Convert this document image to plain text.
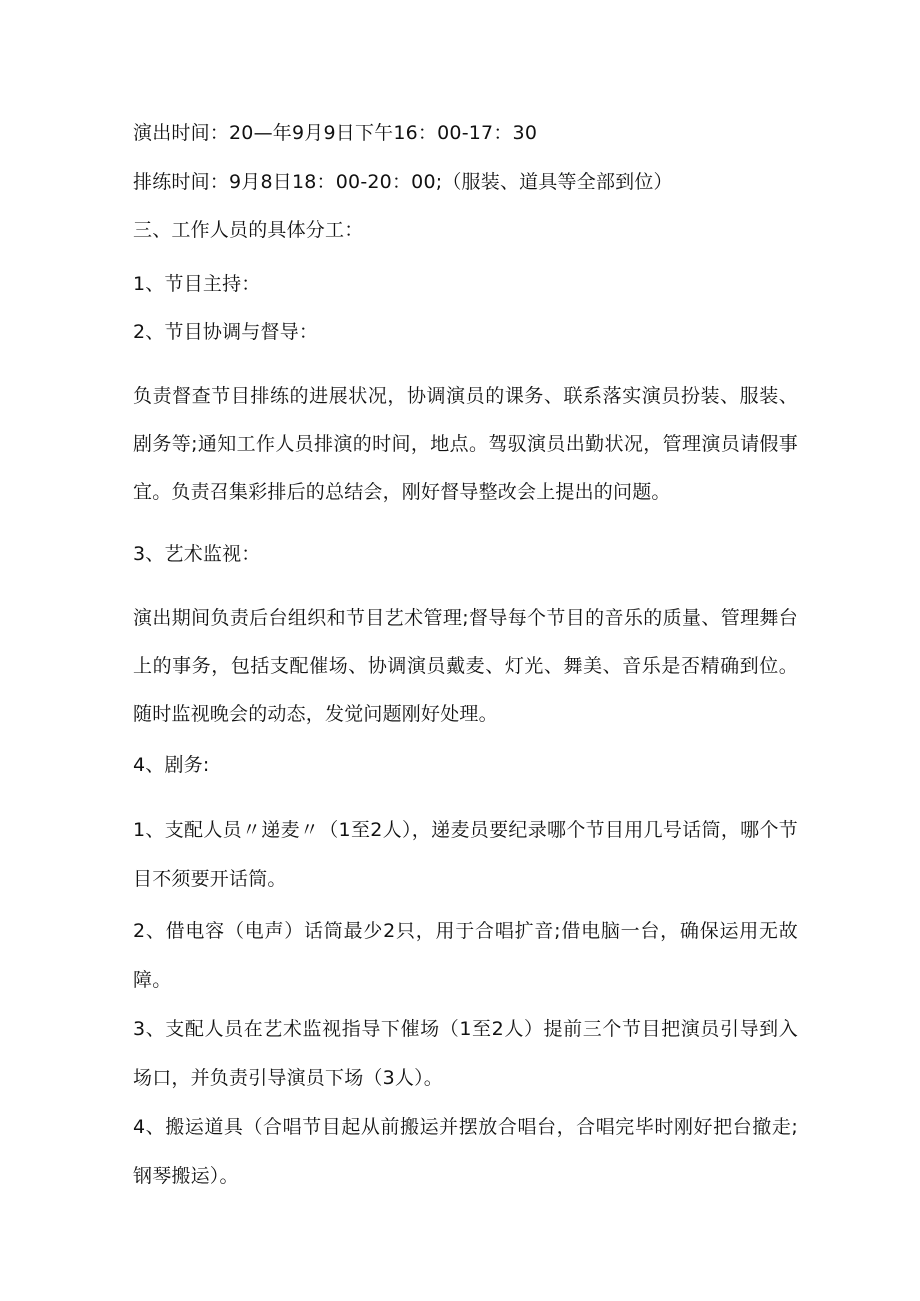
演出时间：20—年9月9日下午16：00-17：30
排练时间：9月8日18：00-20：00;（服装、道具等全部到位）
三、工作人员的具体分工：
1、节目主持：
2、节目协调与督导：
负责督查节目排练的进展状况，协调演员的课务、联系落实演员扮装、服装、剧务等;通知工作人员排演的时间，地点。驾驭演员出勤状况，管理演员请假事宜。负责召集彩排后的总结会，刚好督导整改会上提出的问题。
3、艺术监视：
演出期间负责后台组织和节目艺术管理;督导每个节目的音乐的质量、管理舞台上的事务，包括支配催场、协调演员戴麦、灯光、舞美、音乐是否精确到位。随时监视晚会的动态，发觉问题刚好处理。
4、剧务:
1、支配人员〃递麦〃（1至2人），递麦员要纪录哪个节目用几号话筒，哪个节目不须要开话筒。
2、借电容（电声）话筒最少2只，用于合唱扩音;借电脑一台，确保运用无故障。
3、支配人员在艺术监视指导下催场（1至2人）提前三个节目把演员引导到入场口，并负责引导演员下场（3人）。
4、搬运道具（合唱节目起从前搬运并摆放合唱台，合唱完毕时刚好把台撤走;钢琴搬运）。
